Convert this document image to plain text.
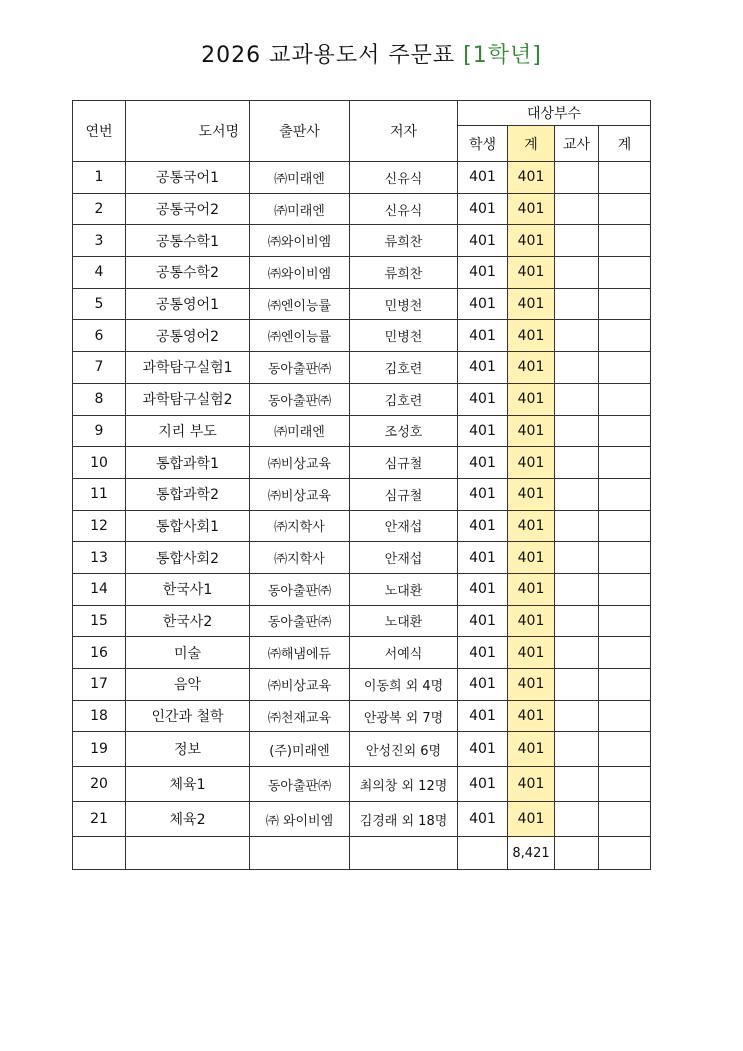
2026 교과용도서 주문표 [1학년]
연번	도서명	출판사	저자	대상부수			
				학생	계	교사	계
1	공통국어1	㈜미래엔	신유식	401	401		
2	공통국어2	㈜미래엔	신유식	401	401		
3	공통수학1	㈜와이비엠	류희찬	401	401		
4	공통수학2	㈜와이비엠	류희찬	401	401		
5	공통영어1	㈜엔이능률	민병천	401	401		
6	공통영어2	㈜엔이능률	민병천	401	401		
7	과학탐구실험1	동아출판㈜	김호련	401	401		
8	과학탐구실험2	동아출판㈜	김호련	401	401		
9	지리 부도	㈜미래엔	조성호	401	401		
10	통합과학1	㈜비상교육	심규철	401	401		
11	통합과학2	㈜비상교육	심규철	401	401		
12	통합사회1	㈜지학사	안재섭	401	401		
13	통합사회2	㈜지학사	안재섭	401	401		
14	한국사1	동아출판㈜	노대환	401	401		
15	한국사2	동아출판㈜	노대환	401	401		
16	미술	㈜해냄에듀	서예식	401	401		
17	음악	㈜비상교육	이동희 외 4명	401	401		
18	인간과 철학	㈜천재교육	안광복 외 7명	401	401		
19	정보	(주)미래엔	안성진외 6명	401	401		
20	체육1	동아출판㈜	최의창 외 12명	401	401		
21	체육2	㈜ 와이비엠	김경래 외 18명	401	401		
					8,421		
